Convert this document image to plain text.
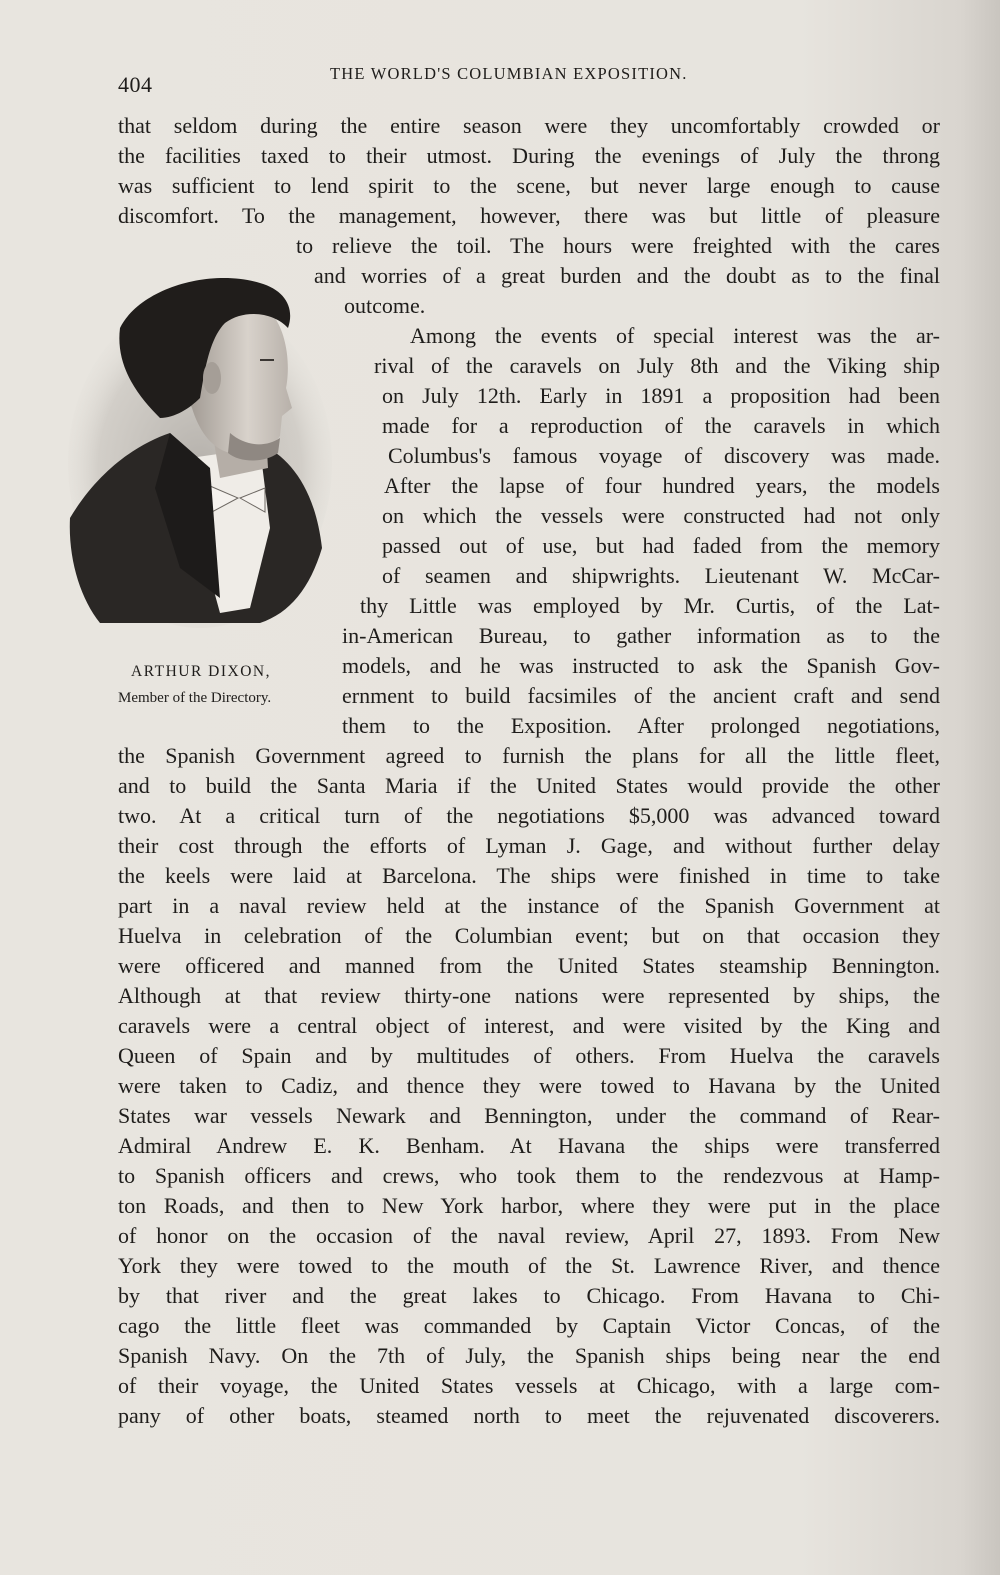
404	THE WORLD'S COLUMBIAN EXPOSITION.
ARTHUR DIXON,
Member of the Directory.
that seldom during the entire season were they uncomfortably crowded or
the facilities taxed to their utmost. During the evenings of July the throng
was sufficient to lend spirit to the scene, but never large enough to cause
discomfort. To the management, however, there was but little of pleasure
to relieve the toil. The hours were freighted with the cares
and worries of a great burden and the doubt as to the final
outcome.
Among the events of special interest was the ar-
rival of the caravels on July 8th and the Viking ship
on July 12th. Early in 1891 a proposition had been
made for a reproduction of the caravels in which
Columbus's famous voyage of discovery was made.
After the lapse of four hundred years, the models
on which the vessels were constructed had not only
passed out of use, but had faded from the memory
of seamen and shipwrights. Lieutenant W. McCar-
thy Little was employed by Mr. Curtis, of the Lat-
in-American Bureau, to gather information as to the
models, and he was instructed to ask the Spanish Gov-
ernment to build facsimiles of the ancient craft and send
them to the Exposition. After prolonged negotiations,
the Spanish Government agreed to furnish the plans for all the little fleet,
and to build the Santa Maria if the United States would provide the other
two. At a critical turn of the negotiations $5,000 was advanced toward
their cost through the efforts of Lyman J. Gage, and without further delay
the keels were laid at Barcelona. The ships were finished in time to take
part in a naval review held at the instance of the Spanish Government at
Huelva in celebration of the Columbian event; but on that occasion they
were officered and manned from the United States steamship Bennington.
Although at that review thirty-one nations were represented by ships, the
caravels were a central object of interest, and were visited by the King and
Queen of Spain and by multitudes of others. From Huelva the caravels
were taken to Cadiz, and thence they were towed to Havana by the United
States war vessels Newark and Bennington, under the command of Rear-
Admiral Andrew E. K. Benham. At Havana the ships were transferred
to Spanish officers and crews, who took them to the rendezvous at Hamp-
ton Roads, and then to New York harbor, where they were put in the place
of honor on the occasion of the naval review, April 27, 1893. From New
York they were towed to the mouth of the St. Lawrence River, and thence
by that river and the great lakes to Chicago. From Havana to Chi-
cago the little fleet was commanded by Captain Victor Concas, of the
Spanish Navy. On the 7th of July, the Spanish ships being near the end
of their voyage, the United States vessels at Chicago, with a large com-
pany of other boats, steamed north to meet the rejuvenated discoverers.
